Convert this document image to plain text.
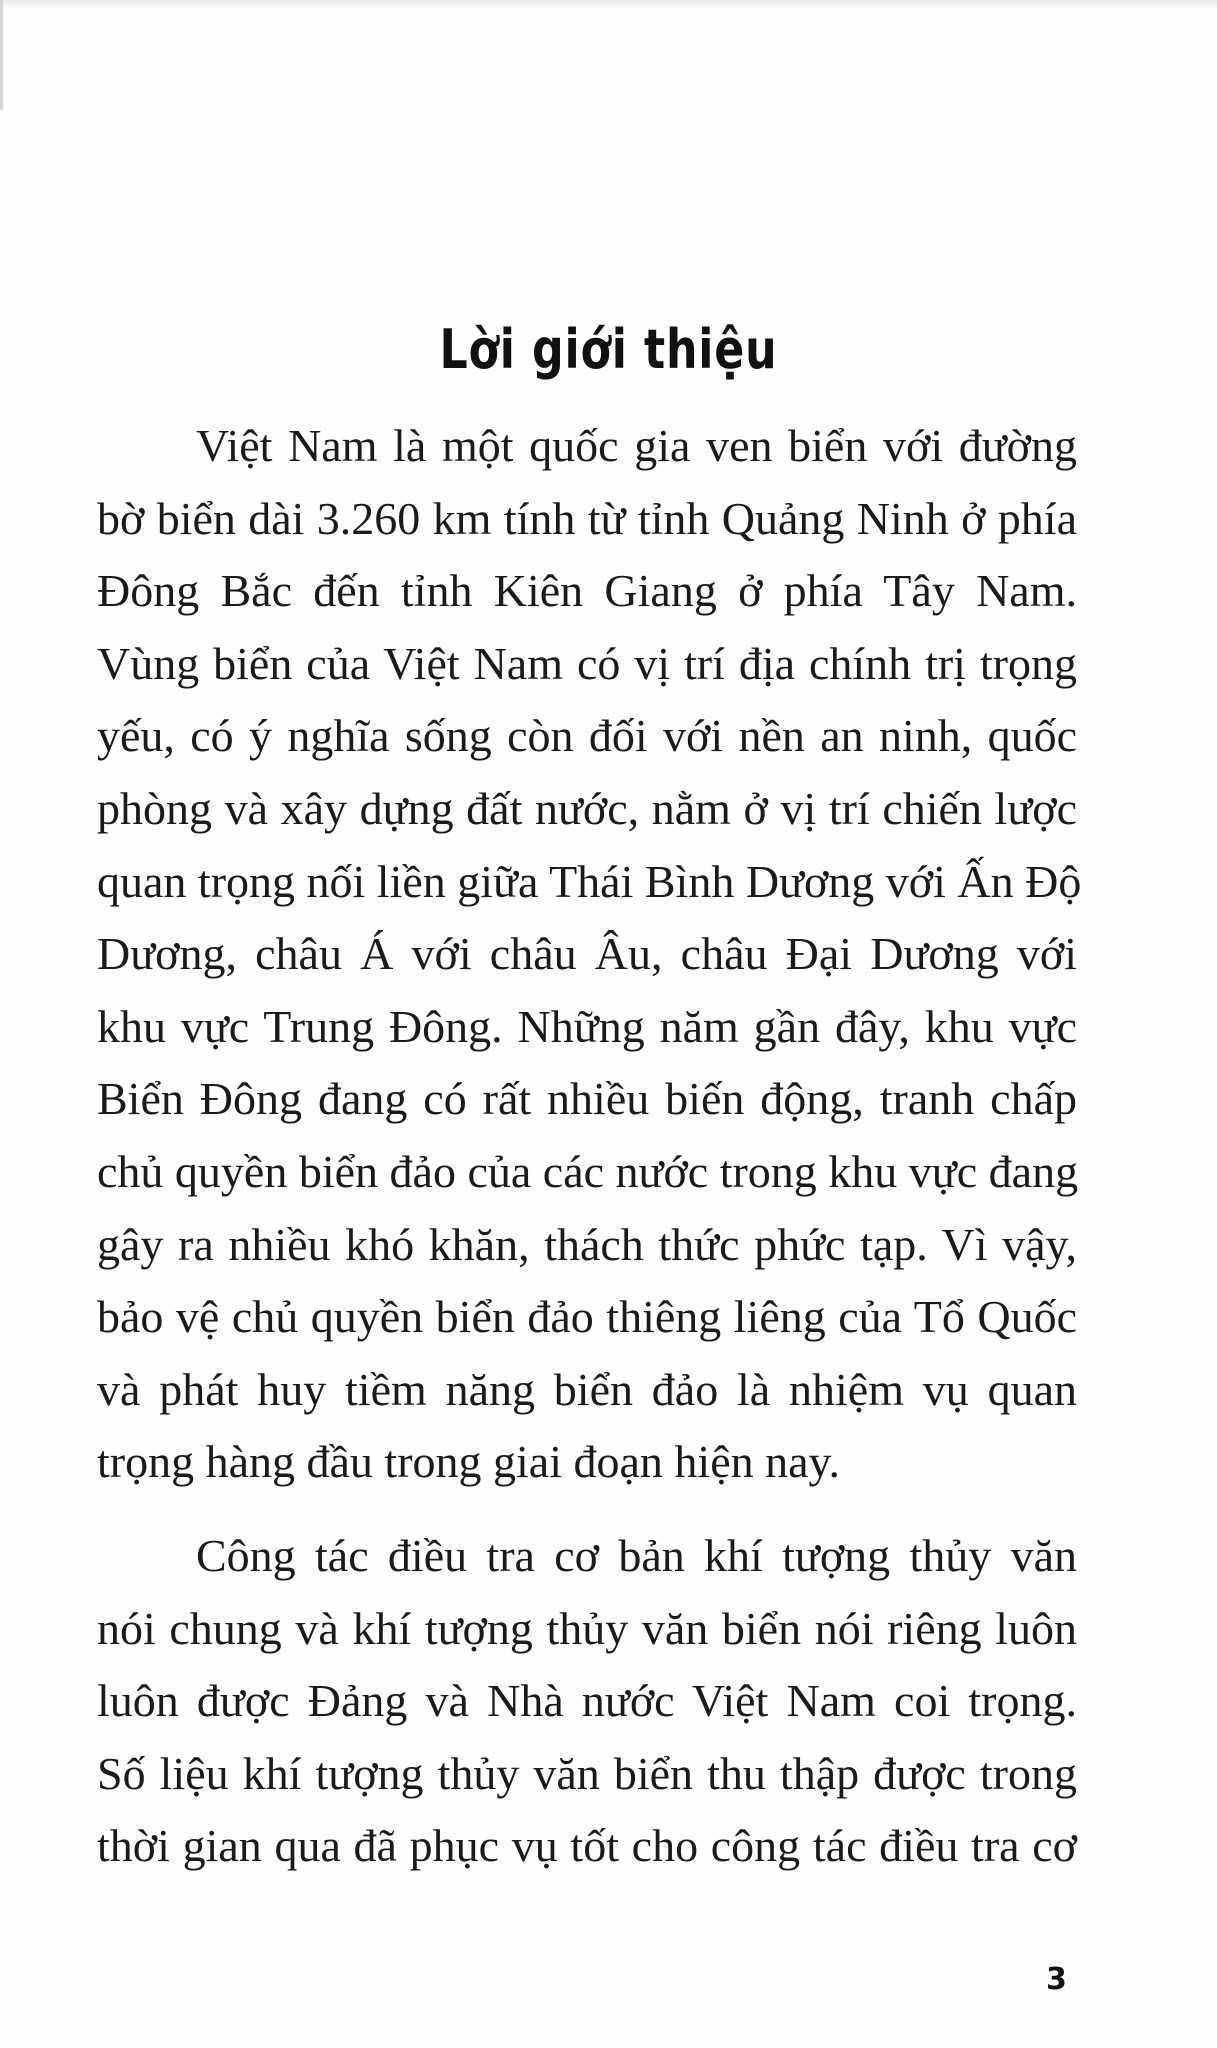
Lời giới thiệu

Việt Nam là một quốc gia ven biển với đường
bờ biển dài 3.260 km tính từ tỉnh Quảng Ninh ở phía
Đông Bắc đến tỉnh Kiên Giang ở phía Tây Nam.
Vùng biển của Việt Nam có vị trí địa chính trị trọng
yếu, có ý nghĩa sống còn đối với nền an ninh, quốc
phòng và xây dựng đất nước, nằm ở vị trí chiến lược
quan trọng nối liền giữa Thái Bình Dương với Ấn Độ
Dương, châu Á với châu Âu, châu Đại Dương với
khu vực Trung Đông. Những năm gần đây, khu vực
Biển Đông đang có rất nhiều biến động, tranh chấp
chủ quyền biển đảo của các nước trong khu vực đang
gây ra nhiều khó khăn, thách thức phức tạp. Vì vậy,
bảo vệ chủ quyền biển đảo thiêng liêng của Tổ Quốc
và phát huy tiềm năng biển đảo là nhiệm vụ quan
trọng hàng đầu trong giai đoạn hiện nay.

Công tác điều tra cơ bản khí tượng thủy văn
nói chung và khí tượng thủy văn biển nói riêng luôn
luôn được Đảng và Nhà nước Việt Nam coi trọng.
Số liệu khí tượng thủy văn biển thu thập được trong
thời gian qua đã phục vụ tốt cho công tác điều tra cơ

3
